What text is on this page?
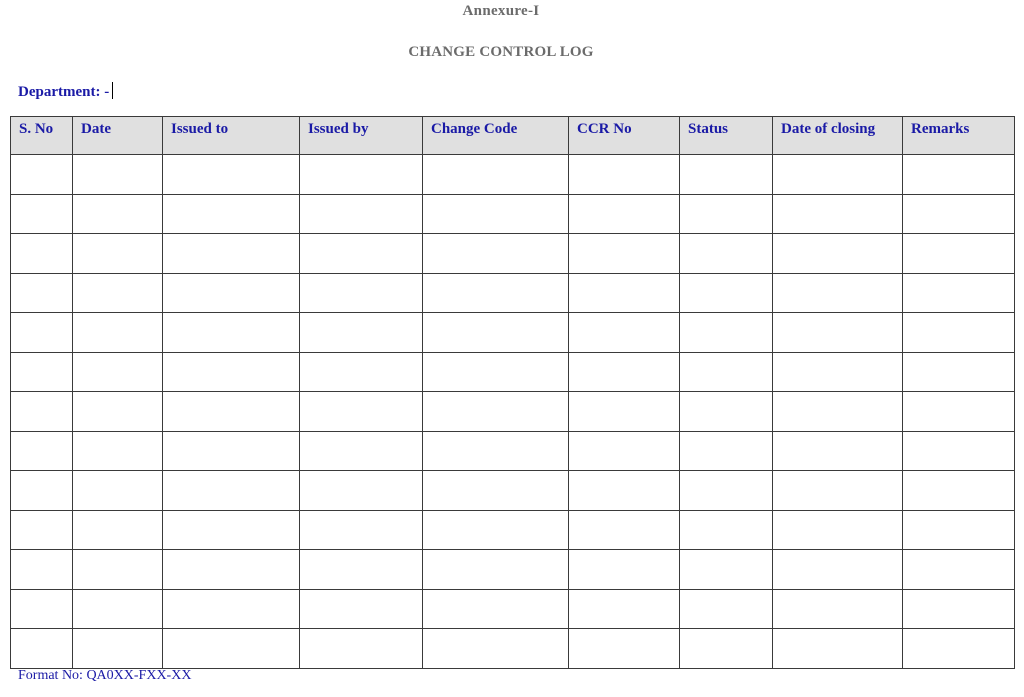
Annexure-I
CHANGE CONTROL LOG
Department: -
S. No	Date	Issued to	Issued by	Change Code	CCR No	Status	Date of closing	Remarks

Format No: QA0XX-FXX-XX
